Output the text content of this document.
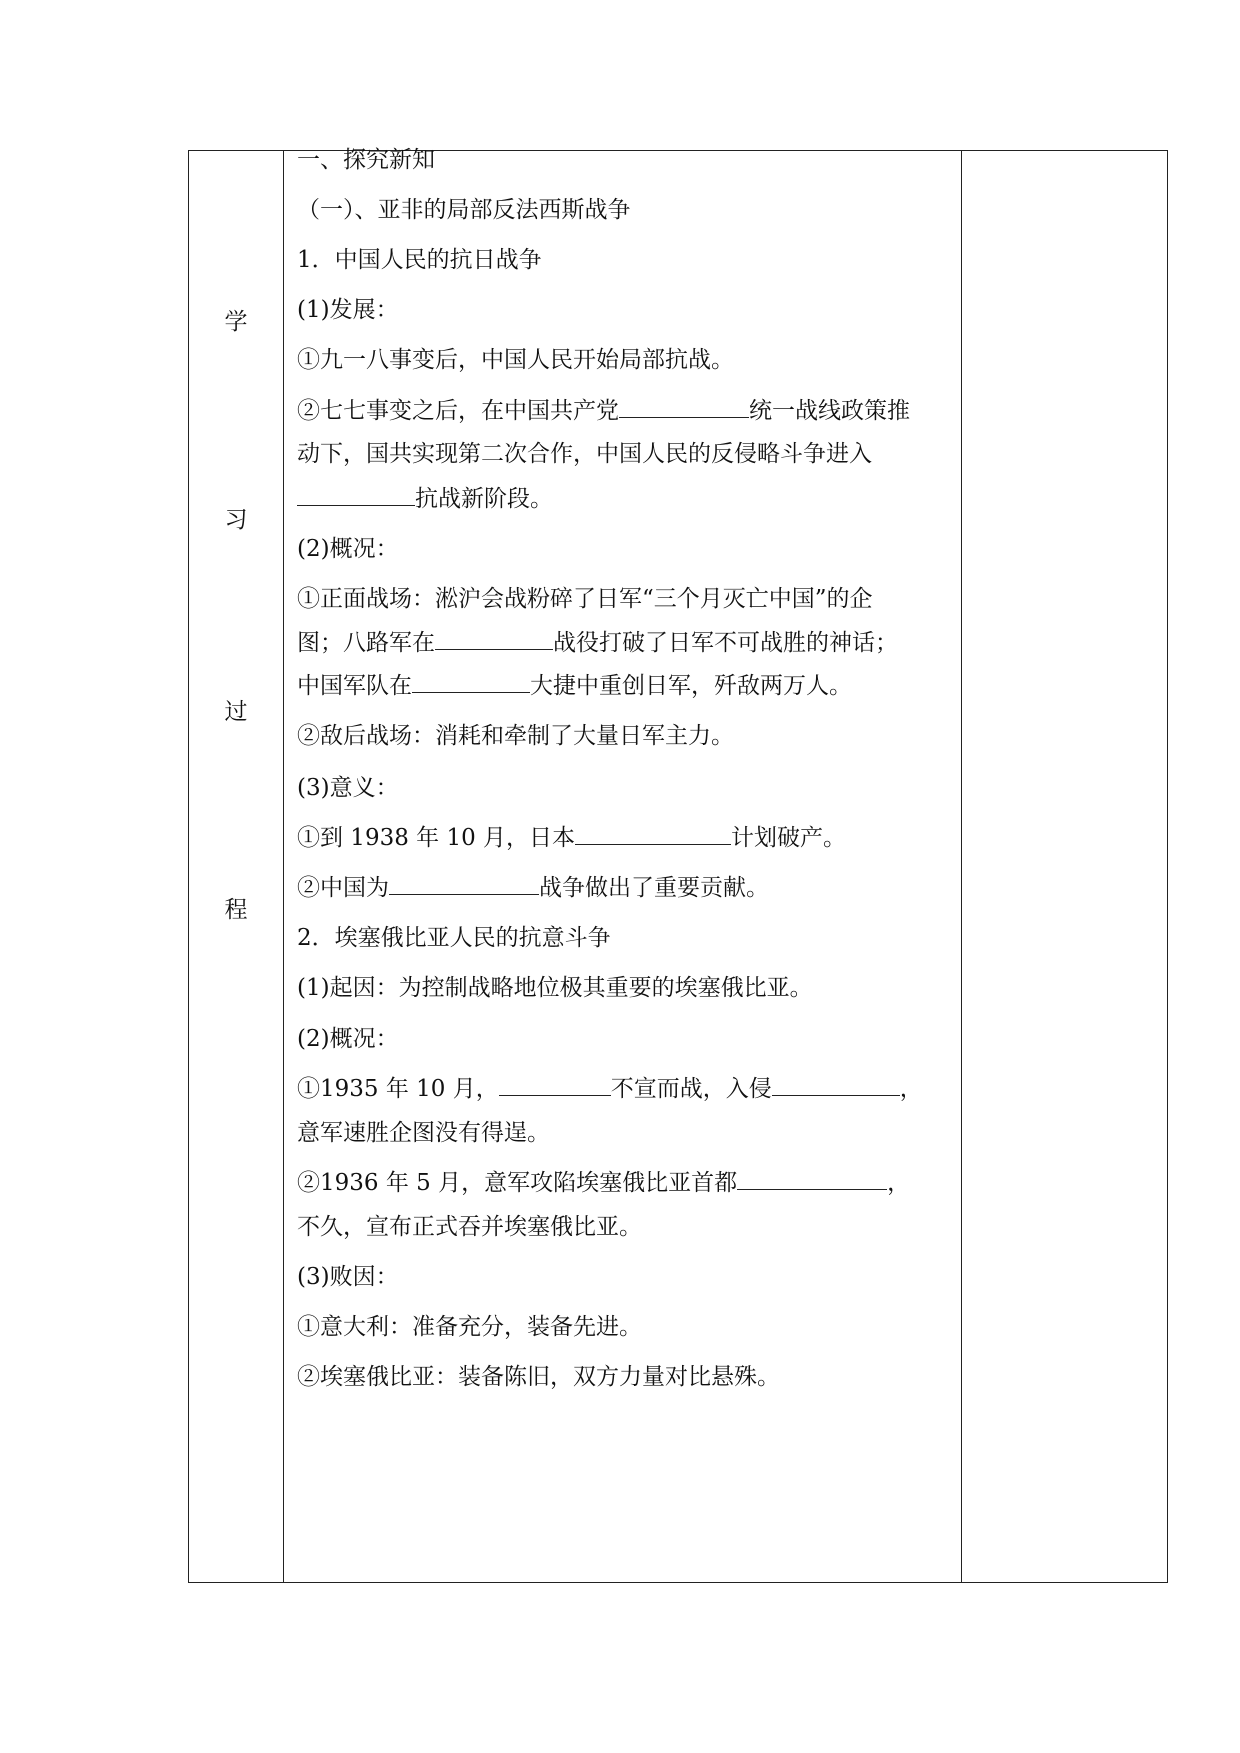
学
习
过
程
一、探究新知
（一）、亚非的局部反法西斯战争
1．中国人民的抗日战争
(1)发展：
①九一八事变后，中国人民开始局部抗战。
②七七事变之后，在中国共产党	统一战线政策推
动下，国共实现第二次合作，中国人民的反侵略斗争进入
抗战新阶段。
(2)概况：
①正面战场：淞沪会战粉碎了日军“三个月灭亡中国”的企
图；八路军在	战役打破了日军不可战胜的神话；
中国军队在	大捷中重创日军，歼敌两万人。
②敌后战场：消耗和牵制了大量日军主力。
(3)意义：
①到 1938 年 10 月，日本	计划破产。
②中国为	战争做出了重要贡献。
2．埃塞俄比亚人民的抗意斗争
(1)起因：为控制战略地位极其重要的埃塞俄比亚。
(2)概况：
①1935 年 10 月，	不宣而战，入侵	，
意军速胜企图没有得逞。
②1936 年 5 月，意军攻陷埃塞俄比亚首都	，
不久，宣布正式吞并埃塞俄比亚。
(3)败因：
①意大利：准备充分，装备先进。
②埃塞俄比亚：装备陈旧，双方力量对比悬殊。
